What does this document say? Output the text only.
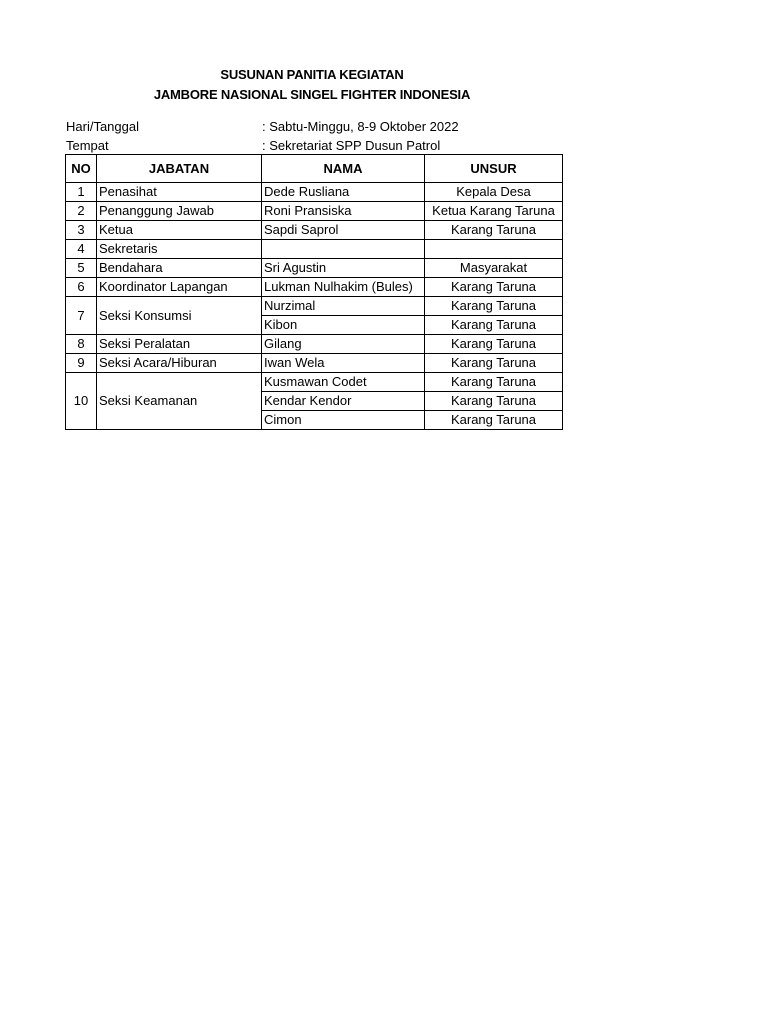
SUSUNAN PANITIA KEGIATAN
JAMBORE NASIONAL SINGEL FIGHTER INDONESIA
Hari/Tanggal	: Sabtu-Minggu, 8-9 Oktober 2022
Tempat	: Sekretariat SPP Dusun Patrol
NO	JABATAN	NAMA	UNSUR
1	Penasihat	Dede Rusliana	Kepala Desa
2	Penanggung Jawab	Roni Pransiska	Ketua Karang Taruna
3	Ketua	Sapdi Saprol	Karang Taruna
4	Sekretaris		
5	Bendahara	Sri Agustin	Masyarakat
6	Koordinator Lapangan	Lukman Nulhakim (Bules)	Karang Taruna
7	Seksi Konsumsi	Nurzimal	Karang Taruna
		Kibon	Karang Taruna
8	Seksi Peralatan	Gilang	Karang Taruna
9	Seksi Acara/Hiburan	Iwan Wela	Karang Taruna
10	Seksi Keamanan	Kusmawan Codet	Karang Taruna
		Kendar Kendor	Karang Taruna
		Cimon	Karang Taruna
